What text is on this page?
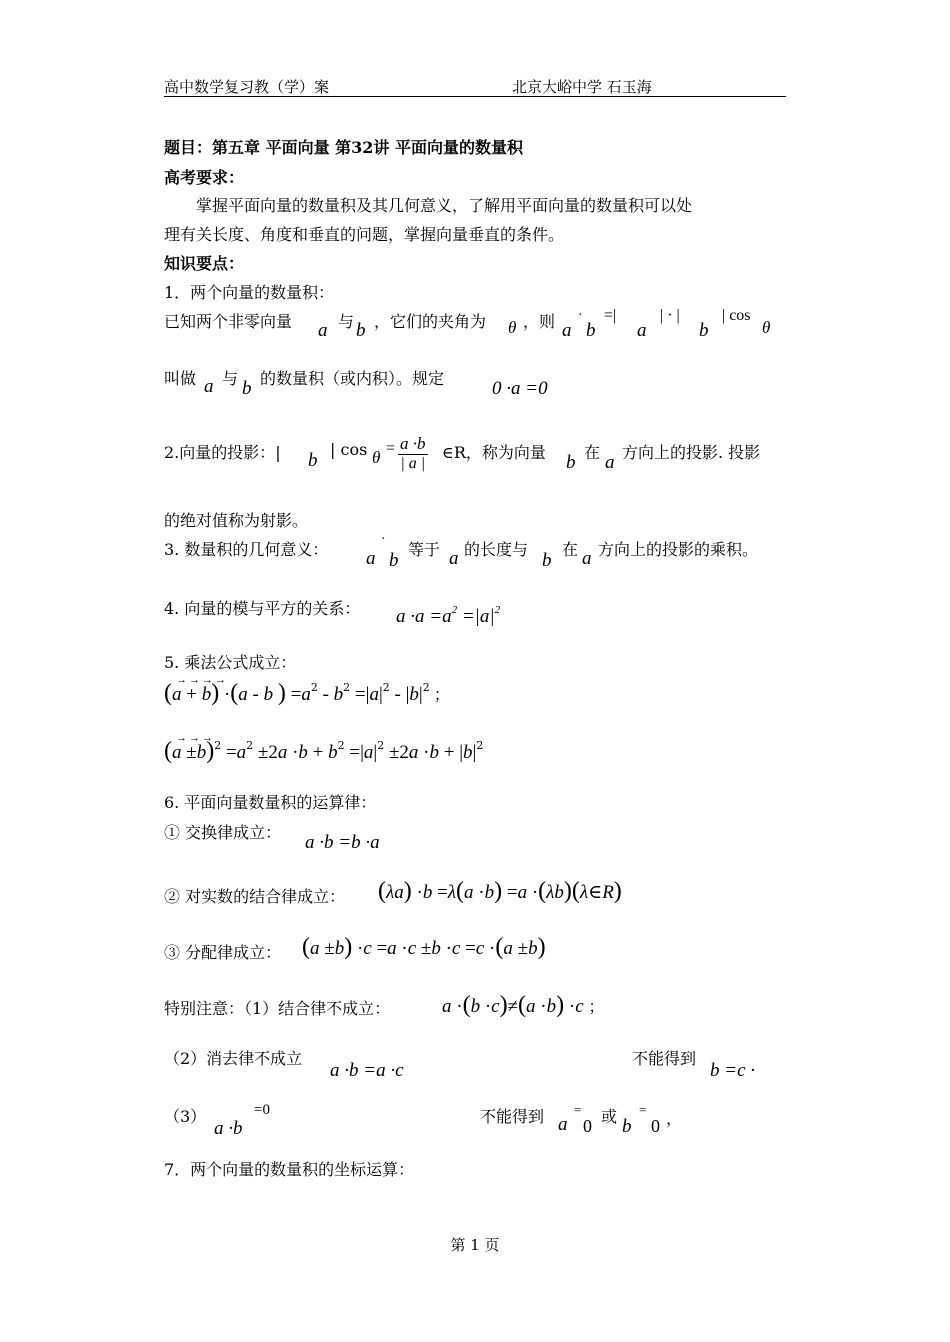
高中数学复习教（学）案	北京大峪中学 石玉海
题目：第五章 平面向量 第32讲 平面向量的数量积
高考要求：
掌握平面向量的数量积及其几何意义，了解用平面向量的数量积可以处
理有关长度、角度和垂直的问题，掌握向量垂直的条件。
知识要点：
1．两个向量的数量积：
已知两个非零向量 a 与 b ，它们的夹角为 θ ，则 a
·
b
=|
a
| · |
b
| cos
θ
叫做 a 与 b 的数量积（或内积）。规定	0 ·a =0
2.向量的投影：| b
| $\cos \theta = \frac{a \cdot b}{| a |}$ ∈R，称为向量 b 在 a 方向上的投影. 投影
的绝对值称为射影。
3. 数量积的几何意义： a
·
b
等于 a 的长度与
b
在 a 方向上的投影的乘积。
4. 向量的模与平方的关系： $a \cdot a =a^2 =|a|^2$
5. 乘法公式成立：
→→→→
(a + b) ·(a - b ) $=a^2 - b^2 =|a|^2 - |b|^2$ ；
→→→
$(a \pm b)^2 =a^2 \pm 2a \cdot b + b^2 =|a|^2 \pm 2a \cdot b + |b|^2$
6. 平面向量数量积的运算律：
① 交换律成立： a ·b =b ·a
② 对实数的结合律成立： (λa) ·b =λ(a ·b) =a ·(λb)(λ∈R)
③ 分配律成立： (a ±b) ·c =a ·c ±b ·c =c ·(a ±b)
特别注意：（1）结合律不成立：	a ·(b ·c)≠(a ·b) ·c ；
（2）消去律不成立
a ·b =a ·c
不能得到
b =c ·
（3）
a ·b
=0	不能得到 a
=
0 或 b
=
0 ，
7．两个向量的数量积的坐标运算：
第 1 页
